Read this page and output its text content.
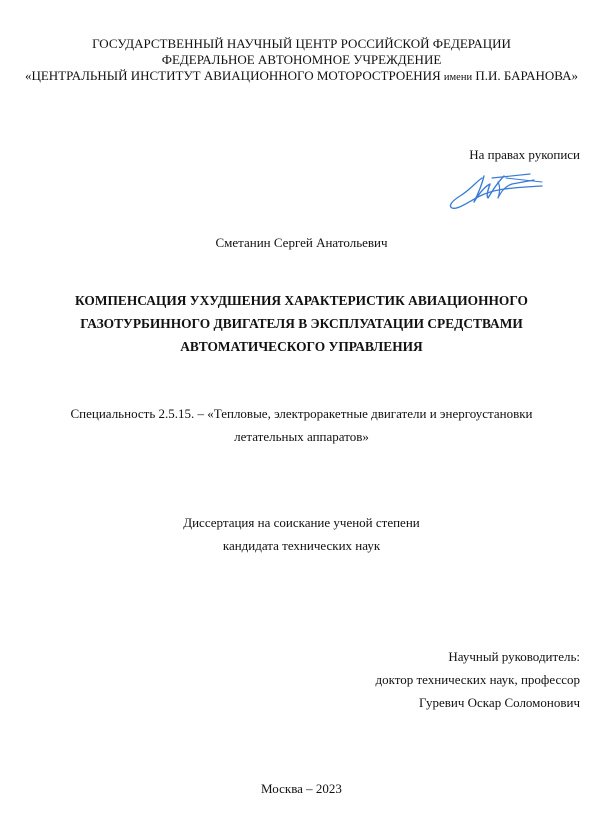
ГОСУДАРСТВЕННЫЙ НАУЧНЫЙ ЦЕНТР РОССИЙСКОЙ ФЕДЕРАЦИИ
ФЕДЕРАЛЬНОЕ АВТОНОМНОЕ УЧРЕЖДЕНИЕ
«ЦЕНТРАЛЬНЫЙ ИНСТИТУТ АВИАЦИОННОГО МОТОРОСТРОЕНИЯ имени П.И. БАРАНОВА»
На правах рукописи
Сметанин Сергей Анатольевич
КОМПЕНСАЦИЯ УХУДШЕНИЯ ХАРАКТЕРИСТИК АВИАЦИОННОГО
ГАЗОТУРБИННОГО ДВИГАТЕЛЯ В ЭКСПЛУАТАЦИИ СРЕДСТВАМИ
АВТОМАТИЧЕСКОГО УПРАВЛЕНИЯ
Специальность 2.5.15. – «Тепловые, электроракетные двигатели и энергоустановки
летательных аппаратов»
Диссертация на соискание ученой степени
кандидата технических наук
Научный руководитель:
доктор технических наук, профессор
Гуревич Оскар Соломонович
Москва – 2023
